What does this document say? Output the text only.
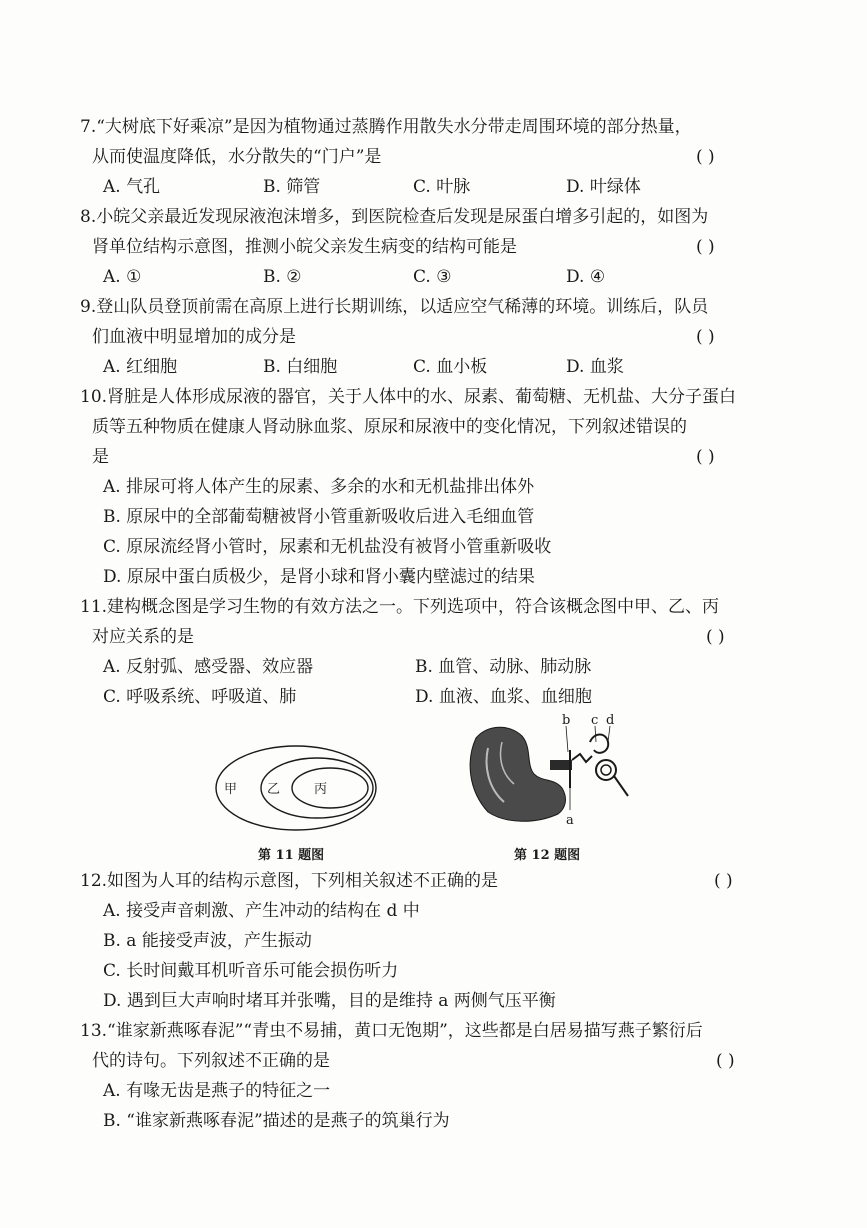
7.“大树底下好乘凉”是因为植物通过蒸腾作用散失水分带走周围环境的部分热量，
从而使温度降低，水分散失的“门户”是	( )
A. 气孔	B. 筛管	C. 叶脉	D. 叶绿体
8.小皖父亲最近发现尿液泡沫增多，到医院检查后发现是尿蛋白增多引起的，如图为
肾单位结构示意图，推测小皖父亲发生病变的结构可能是	( )
A. ①	B. ②	C. ③	D. ④
9.登山队员登顶前需在高原上进行长期训练，以适应空气稀薄的环境。训练后，队员
们血液中明显增加的成分是	( )
A. 红细胞	B. 白细胞	C. 血小板	D. 血浆
10.肾脏是人体形成尿液的器官，关于人体中的水、尿素、葡萄糖、无机盐、大分子蛋白
质等五种物质在健康人肾动脉血浆、原尿和尿液中的变化情况，下列叙述错误的
是	( )
A. 排尿可将人体产生的尿素、多余的水和无机盐排出体外
B. 原尿中的全部葡萄糖被肾小管重新吸收后进入毛细血管
C. 原尿流经肾小管时，尿素和无机盐没有被肾小管重新吸收
D. 原尿中蛋白质极少，是肾小球和肾小囊内壁滤过的结果
11.建构概念图是学习生物的有效方法之一。下列选项中，符合该概念图中甲、乙、丙
对应关系的是	( )
A. 反射弧、感受器、效应器	B. 血管、动脉、肺动脉
C. 呼吸系统、呼吸道、肺	D. 血液、血浆、血细胞
甲 乙	丙
第 11 题图
b c d
a
第 12 题图
12.如图为人耳的结构示意图，下列相关叙述不正确的是	( )
A. 接受声音刺激、产生冲动的结构在 d 中
B. a 能接受声波，产生振动
C. 长时间戴耳机听音乐可能会损伤听力
D. 遇到巨大声响时堵耳并张嘴，目的是维持 a 两侧气压平衡
13.“谁家新燕啄春泥”“青虫不易捕，黄口无饱期”，这些都是白居易描写燕子繁衍后
代的诗句。下列叙述不正确的是	( )
A. 有喙无齿是燕子的特征之一
B. “谁家新燕啄春泥”描述的是燕子的筑巢行为
